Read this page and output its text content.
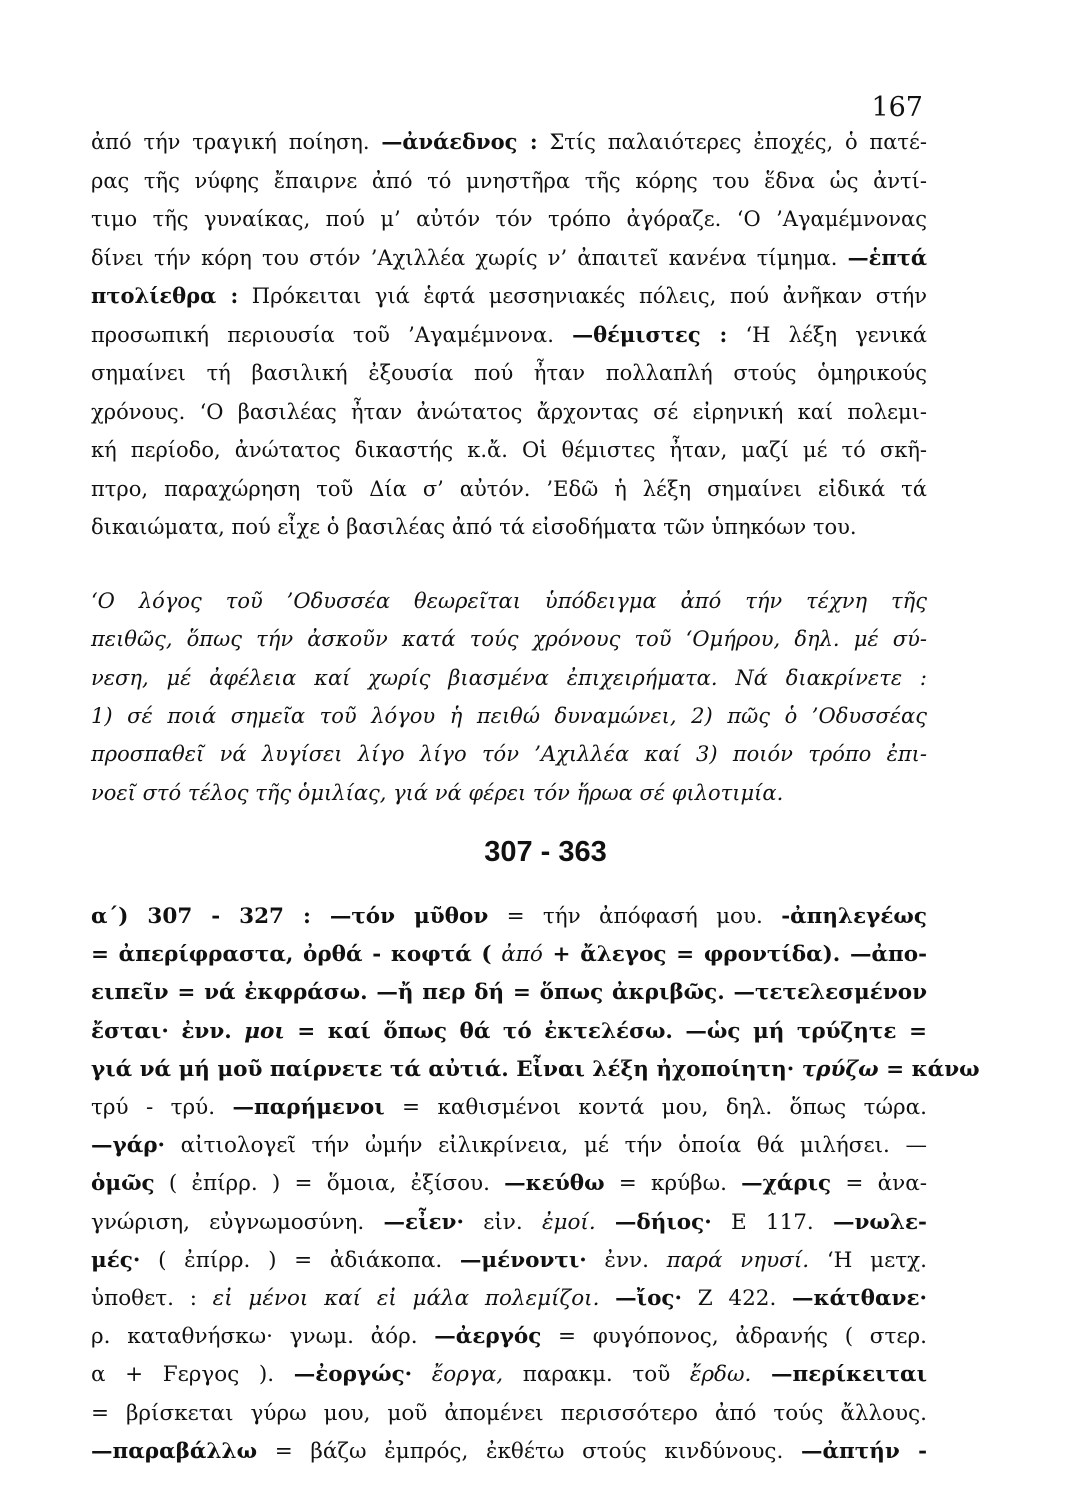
167
ἀπό τήν τραγική ποίηση. —ἀνάεδνος : Στίς παλαιότερες ἐποχές, ὁ πατέ-
ρας τῆς νύφης ἔπαιρνε ἀπό τό μνηστῆρα τῆς κόρης του ἕδνα ὡς ἀντί-
τιμο τῆς γυναίκας, πού μ’ αὐτόν τόν τρόπο ἀγόραζε. ‘Ο ’Αγαμέμνονας
δίνει τήν κόρη του στόν ’Αχιλλέα χωρίς ν’ ἀπαιτεῖ κανένα τίμημα. —ἑπτά
πτολίεθρα : Πρόκειται γιά ἑφτά μεσσηνιακές πόλεις, πού ἀνῆκαν στήν
προσωπική περιουσία τοῦ ’Αγαμέμνονα. —θέμιστες : ‘Η λέξη γενικά
σημαίνει τή βασιλική ἐξουσία πού ἦταν πολλαπλή στούς ὁμηρικούς
χρόνους. ‘Ο βασιλέας ἦταν ἀνώτατος ἄρχοντας σέ εἰρηνική καί πολεμι-
κή περίοδο, ἀνώτατος δικαστής κ.ἄ. Οἱ θέμιστες ἦταν, μαζί μέ τό σκῆ-
πτρο, παραχώρηση τοῦ Δία σ’ αὐτόν. ’Εδῶ ἡ λέξη σημαίνει εἰδικά τά
δικαιώματα, πού εἶχε ὁ βασιλέας ἀπό τά εἰσοδήματα τῶν ὑπηκόων του.
‘Ο λόγος τοῦ ’Οδυσσέα θεωρεῖται ὑπόδειγμα ἀπό τήν τέχνη τῆς
πειθῶς, ὅπως τήν ἀσκοῦν κατά τούς χρόνους τοῦ ‘Ομήρου, δηλ. μέ σύ-
νεση, μέ ἀφέλεια καί χωρίς βιασμένα ἐπιχειρήματα. Νά διακρίνετε :
1) σέ ποιά σημεῖα τοῦ λόγου ἡ πειθώ δυναμώνει, 2) πῶς ὁ ’Οδυσσέας
προσπαθεῖ νά λυγίσει λίγο λίγο τόν ’Αχιλλέα καί 3) ποιόν τρόπο ἐπι-
νοεῖ στό τέλος τῆς ὁμιλίας, γιά νά φέρει τόν ἥρωα σέ φιλοτιμία.
307 - 363
α΄) 307 - 327 : —τόν μῦθον = τήν ἀπόφασή μου. -ἀπηλεγέως
= ἀπερίφραστα, ὀρθά - κοφτά ( ἀπό + ἄλεγος = φροντίδα). —ἀπο-
ειπεῖν = νά ἐκφράσω. —ἤ περ δή = ὅπως ἀκριβῶς. —τετελεσμένον
ἔσται· ἐνν. μοι = καί ὅπως θά τό ἐκτελέσω. —ὡς μή τρύζητε =
γιά νά μή μοῦ παίρνετε τά αὐτιά. Εἶναι λέξη ἠχοποίητη· τρύζω = κάνω
τρύ - τρύ. —παρήμενοι = καθισμένοι κοντά μου, δηλ. ὅπως τώρα.
—γάρ· αἰτιολογεῖ τήν ὠμήν εἰλικρίνεια, μέ τήν ὁποία θά μιλήσει. —
ὁμῶς ( ἐπίρρ. ) = ὅμοια, ἐξίσου. —κεύθω = κρύβω. —χάρις = ἀνα-
γνώριση, εὐγνωμοσύνη. —εἶεν· εἰν. ἐμοί. —δήιος· Ε 117. —νωλε-
μές· ( ἐπίρρ. ) = ἀδιάκοπα. —μένοντι· ἐνν. παρά νηυσί. ‘Η μετχ.
ὑποθετ. : εἰ μένοι καί εἰ μάλα πολεμίζοι. —ἴος· Ζ 422. —κάτθανε·
ρ. καταθνήσκω· γνωμ. ἀόρ. —ἀεργός = φυγόπονος, ἀδρανής ( στερ.
α + Ϝεργος ). —ἐοργώς· ἔοργα, παρακμ. τοῦ ἔρδω. —περίκειται
= βρίσκεται γύρω μου, μοῦ ἀπομένει περισσότερο ἀπό τούς ἄλλους.
—παραβάλλω = βάζω ἐμπρός, ἐκθέτω στούς κινδύνους. —ἀπτήν -
